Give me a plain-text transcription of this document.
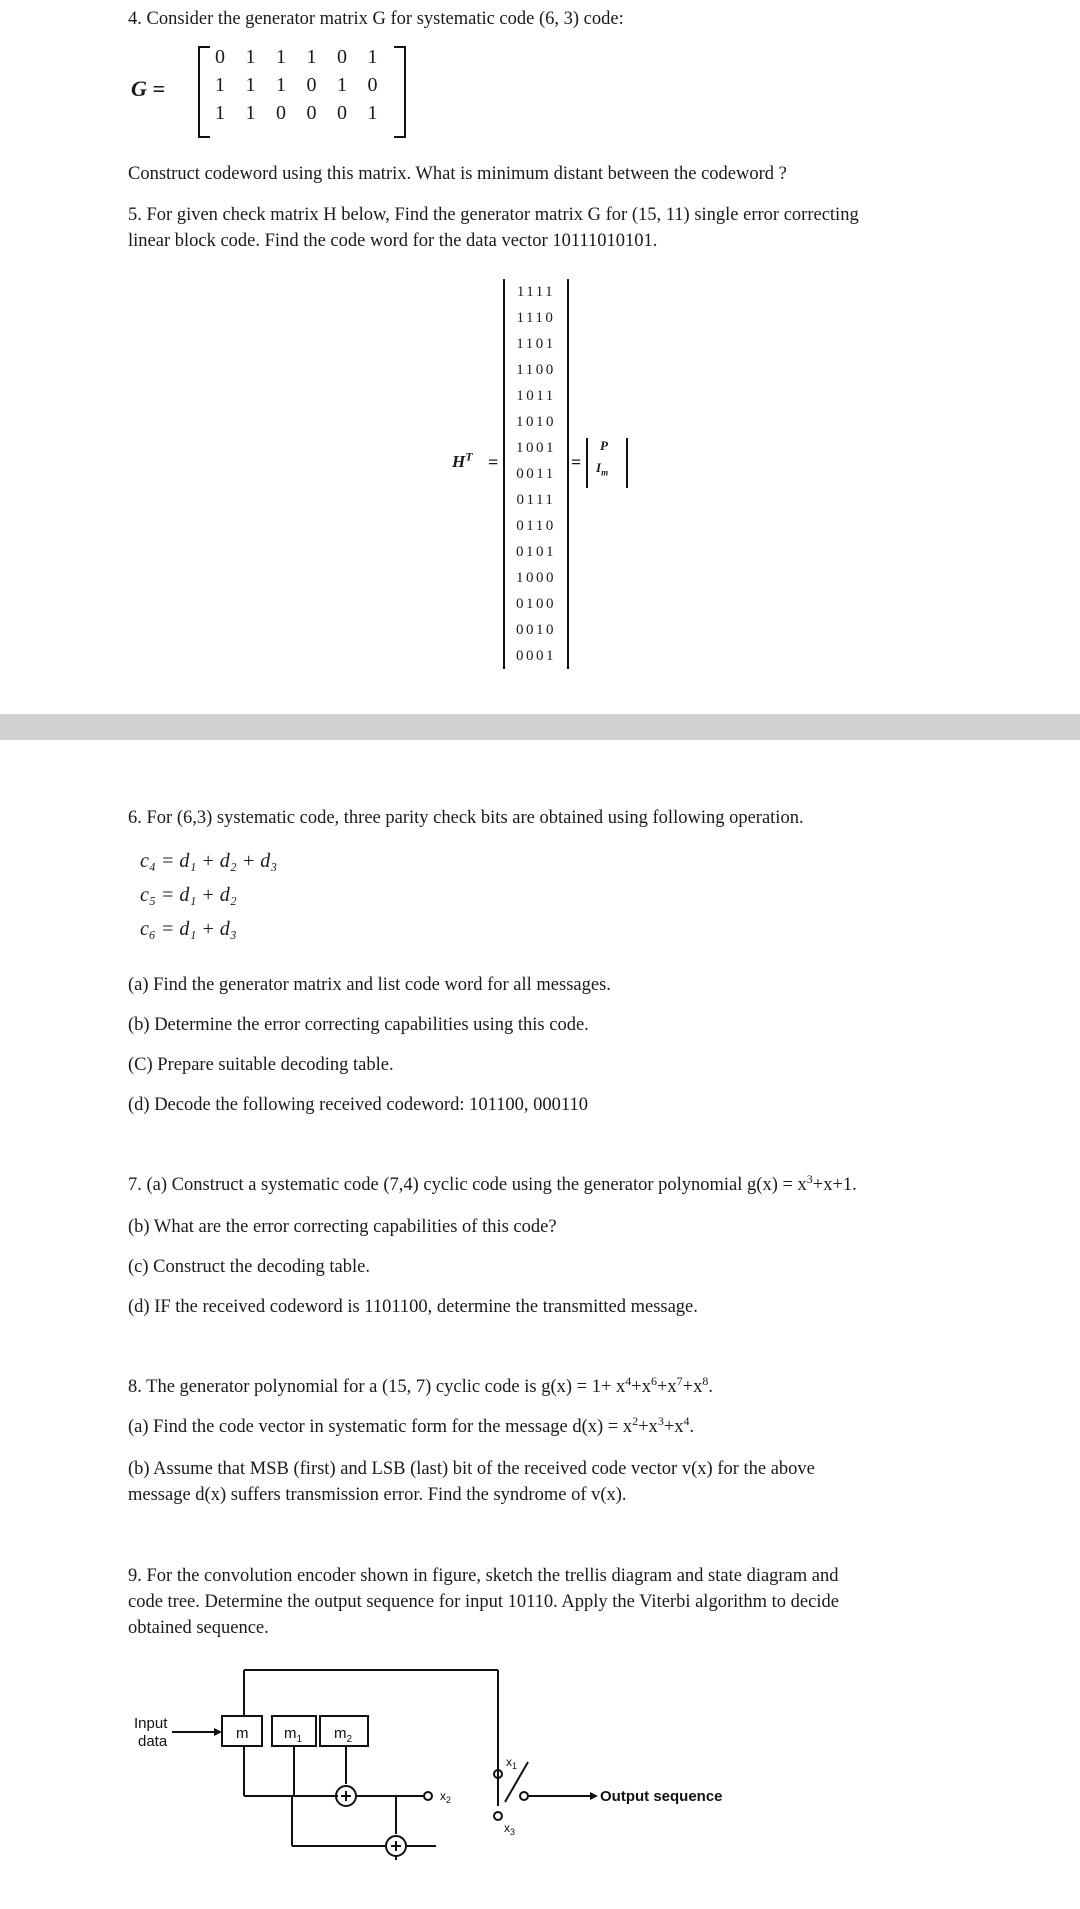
4. Consider the generator matrix G for systematic code (6, 3) code:
G =
0	1	1	1	0	1
1	1	1	0	1	0
1	1	0	0	0	1
Construct codeword using this matrix. What is minimum distant between the codeword ?
5. For given check matrix H below, Find the generator matrix G for (15, 11) single error correcting
linear block code. Find the code word for the data vector 10111010101.
$H^T$ =
1111
1110
1101
1100
1011
1010
1001
0011
0111
0110
0101
1000
0100
0010
0001
=
P
$I_m$
6. For (6,3) systematic code, three parity check bits are obtained using following operation.
c₄ = d₁ + d₂ + d₃
c₅ = d₁ + d₂
c₆ = d₁ + d₃
(a) Find the generator matrix and list code word for all messages.
(b) Determine the error correcting capabilities using this code.
(C) Prepare suitable decoding table.
(d) Decode the following received codeword: 101100, 000110
7. (a) Construct a systematic code (7,4) cyclic code using the generator polynomial $g(x) = x^3+x+1$.
(b) What are the error correcting capabilities of this code?
(c) Construct the decoding table.
(d) IF the received codeword is 1101100, determine the transmitted message.
8. The generator polynomial for a (15, 7) cyclic code is $g(x) = 1+ x^4+x^6+x^7+x^8$.
(a) Find the code vector in systematic form for the message $d(x) = x^2+x^3+x^4$.
(b) Assume that MSB (first) and LSB (last) bit of the received code vector v(x) for the above
message d(x) suffers transmission error. Find the syndrome of v(x).
9. For the convolution encoder shown in figure, sketch the trellis diagram and state diagram and
code tree. Determine the output sequence for input 10110. Apply the Viterbi algorithm to decide
obtained sequence.
Input
data	m $m_1$ $m_2$
$x_1$
$x_2$
$x_3$
Output sequence
